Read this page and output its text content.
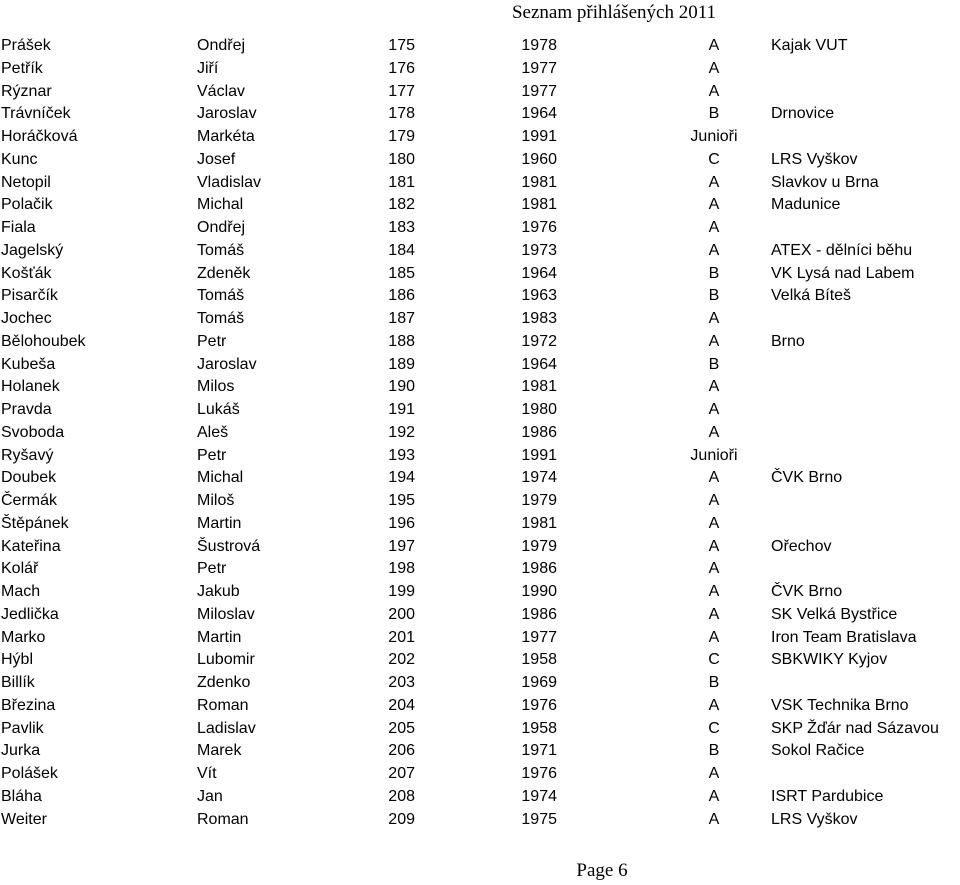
Seznam přihlášených 2011
Prášek	Ondřej	175	1978	A	Kajak VUT
Petřík	Jiří	176	1977	A	
Rýznar	Václav	177	1977	A	
Trávníček	Jaroslav	178	1964	B	Drnovice
Horáčková	Markéta	179	1991	Junioři	
Kunc	Josef	180	1960	C	LRS Vyškov
Netopil	Vladislav	181	1981	A	Slavkov u Brna
Polačik	Michal	182	1981	A	Madunice
Fiala	Ondřej	183	1976	A	
Jagelský	Tomáš	184	1973	A	ATEX - dělníci běhu
Košťák	Zdeněk	185	1964	B	VK Lysá nad Labem
Pisarčík	Tomáš	186	1963	B	Velká Bíteš
Jochec	Tomáš	187	1983	A	
Bělohoubek	Petr	188	1972	A	Brno
Kubeša	Jaroslav	189	1964	B	
Holanek	Milos	190	1981	A	
Pravda	Lukáš	191	1980	A	
Svoboda	Aleš	192	1986	A	
Ryšavý	Petr	193	1991	Junioři	
Doubek	Michal	194	1974	A	ČVK Brno
Čermák	Miloš	195	1979	A	
Štěpánek	Martin	196	1981	A	
Kateřina	Šustrová	197	1979	A	Ořechov
Kolář	Petr	198	1986	A	
Mach	Jakub	199	1990	A	ČVK Brno
Jedlička	Miloslav	200	1986	A	SK Velká Bystřice
Marko	Martin	201	1977	A	Iron Team Bratislava
Hýbl	Lubomir	202	1958	C	SBKWIKY Kyjov
Billík	Zdenko	203	1969	B	
Březina	Roman	204	1976	A	VSK Technika Brno
Pavlik	Ladislav	205	1958	C	SKP Žďár nad Sázavou
Jurka	Marek	206	1971	B	Sokol Račice
Polášek	Vít	207	1976	A	
Bláha	Jan	208	1974	A	ISRT Pardubice
Weiter	Roman	209	1975	A	LRS Vyškov
Page 6
